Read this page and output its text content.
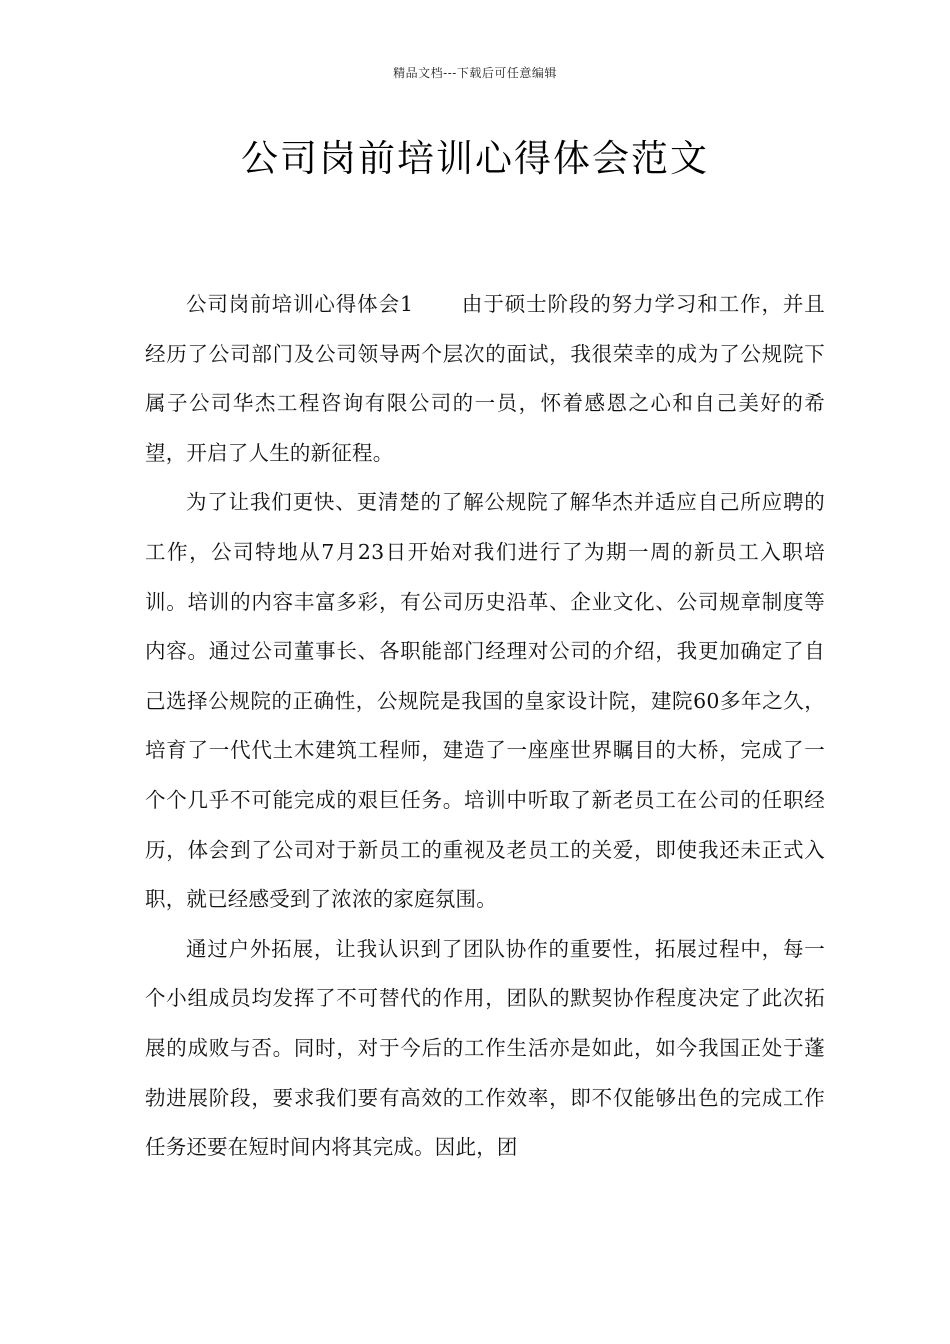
精品文档---下载后可任意编辑
公司岗前培训心得体会范文

公司岗前培训心得体会1 由于硕士阶段的努力学习和工作，并且经历了公司部门及公司领导两个层次的面试，我很荣幸的成为了公规院下属子公司华杰工程咨询有限公司的一员，怀着感恩之心和自己美好的希望，开启了人生的新征程。

为了让我们更快、更清楚的了解公规院了解华杰并适应自己所应聘的工作，公司特地从7月23日开始对我们进行了为期一周的新员工入职培训。培训的内容丰富多彩，有公司历史沿革、企业文化、公司规章制度等内容。通过公司董事长、各职能部门经理对公司的介绍，我更加确定了自己选择公规院的正确性，公规院是我国的皇家设计院，建院60多年之久，培育了一代代土木建筑工程师，建造了一座座世界瞩目的大桥，完成了一个个几乎不可能完成的艰巨任务。培训中听取了新老员工在公司的任职经历，体会到了公司对于新员工的重视及老员工的关爱，即使我还未正式入职，就已经感受到了浓浓的家庭氛围。

通过户外拓展，让我认识到了团队协作的重要性，拓展过程中，每一个小组成员均发挥了不可替代的作用，团队的默契协作程度决定了此次拓展的成败与否。同时，对于今后的工作生活亦是如此，如今我国正处于蓬勃进展阶段，要求我们要有高效的工作效率，即不仅能够出色的完成工作任务还要在短时间内将其完成。因此，团
